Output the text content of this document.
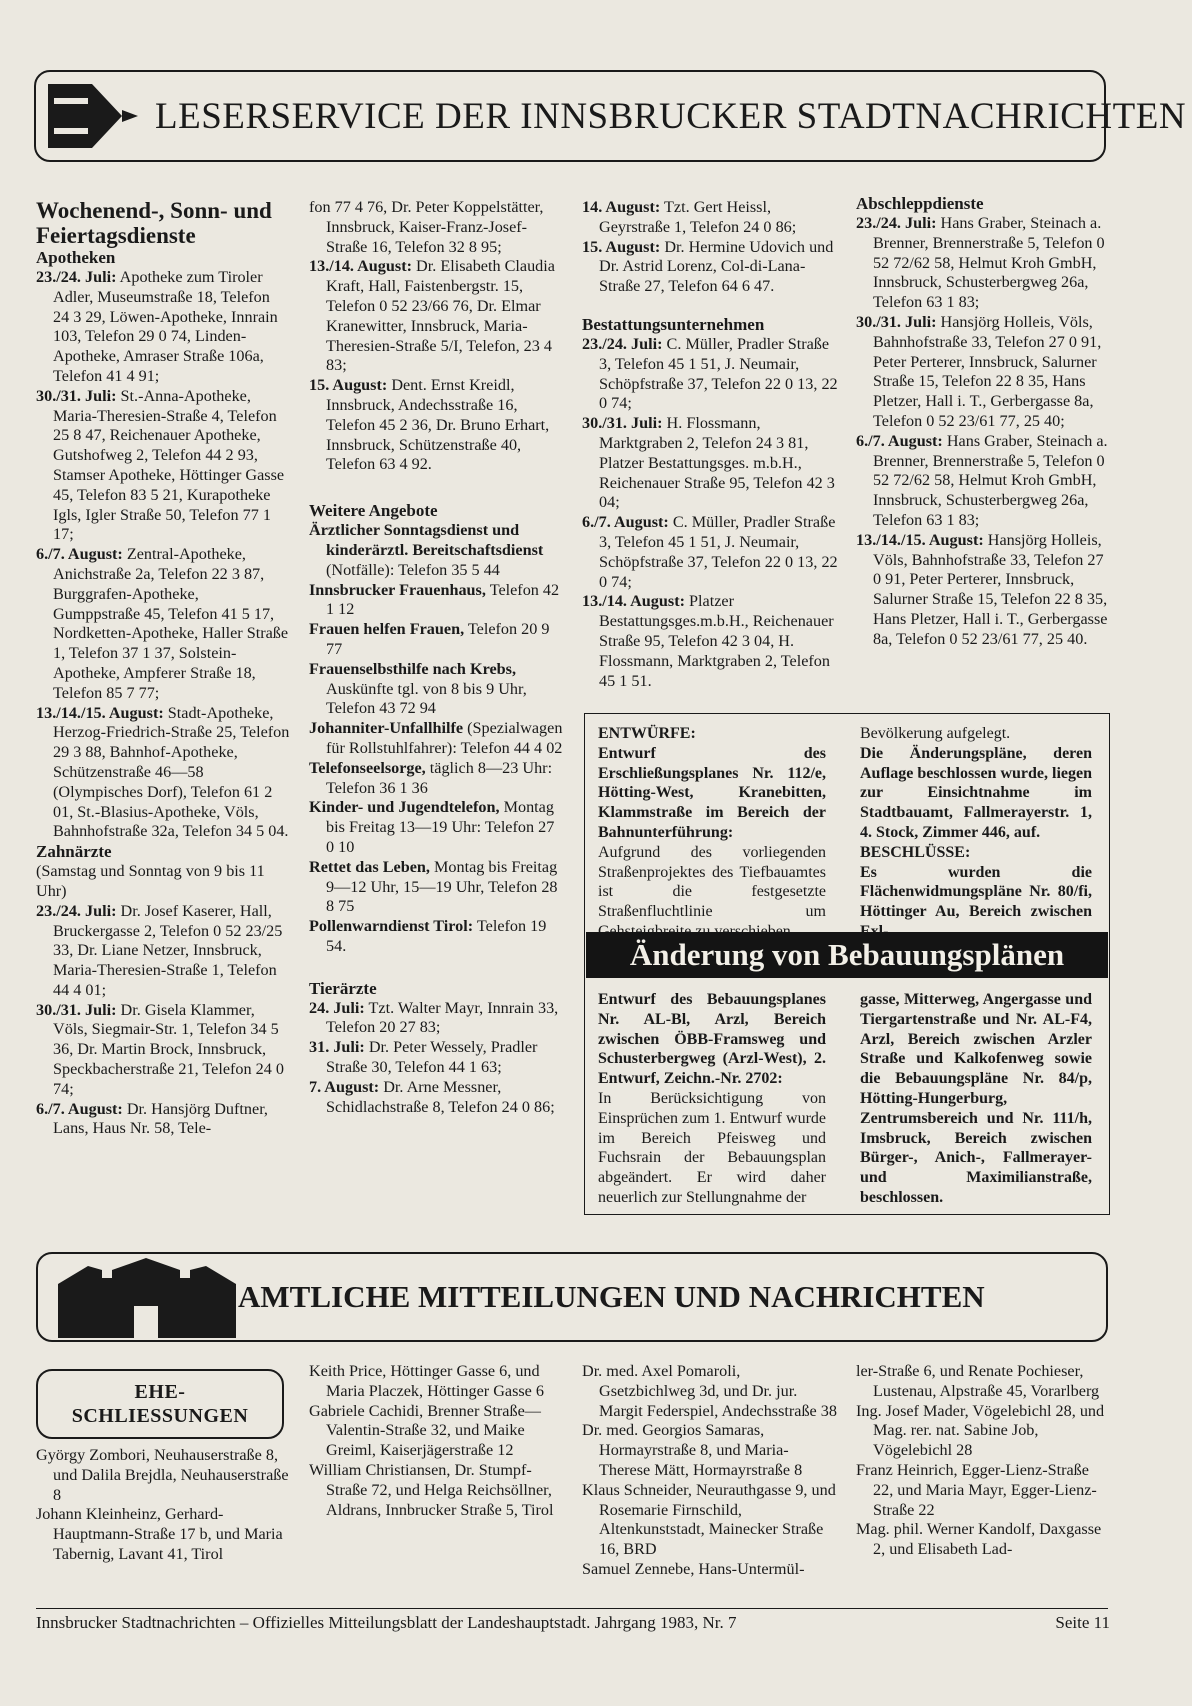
LESERSERVICE DER INNSBRUCKER STADTNACHRICHTEN

Wochenend-, Sonn- und Feiertagsdienste

Apotheken

23./24. Juli: Apotheke zum Tiroler Adler, Museumstraße 18, Telefon 24 3 29, Löwen-Apotheke, Innrain 103, Telefon 29 0 74, Linden-Apotheke, Amraser Straße 106a, Telefon 41 4 91;

30./31. Juli: St.-Anna-Apotheke, Maria-Theresien-Straße 4, Telefon 25 8 47, Reichenauer Apotheke, Gutshofweg 2, Telefon 44 2 93, Stamser Apotheke, Höttinger Gasse 45, Telefon 83 5 21, Kurapotheke Igls, Igler Straße 50, Telefon 77 1 17;

6./7. August: Zentral-Apotheke, Anichstraße 2a, Telefon 22 3 87, Burggrafen-Apotheke, Gumppstraße 45, Telefon 41 5 17, Nordketten-Apotheke, Haller Straße 1, Telefon 37 1 37, Solstein-Apotheke, Ampferer Straße 18, Telefon 85 7 77;

13./14./15. August: Stadt-Apotheke, Herzog-Friedrich-Straße 25, Telefon 29 3 88, Bahnhof-Apotheke, Schützenstraße 46—58 (Olympisches Dorf), Telefon 61 2 01, St.-Blasius-Apotheke, Völs, Bahnhofstraße 32a, Telefon 34 5 04.

Zahnärzte

(Samstag und Sonntag von 9 bis 11 Uhr)

23./24. Juli: Dr. Josef Kaserer, Hall, Bruckergasse 2, Telefon 0 52 23/25 33, Dr. Liane Netzer, Innsbruck, Maria-Theresien-Straße 1, Telefon 44 4 01;

30./31. Juli: Dr. Gisela Klammer, Völs, Siegmair-Str. 1, Telefon 34 5 36, Dr. Martin Brock, Innsbruck, Speckbacherstraße 21, Telefon 24 0 74;

6./7. August: Dr. Hansjörg Duftner, Lans, Haus Nr. 58, Tele-

fon 77 4 76, Dr. Peter Koppelstätter, Innsbruck, Kaiser-Franz-Josef-Straße 16, Telefon 32 8 95;

13./14. August: Dr. Elisabeth Claudia Kraft, Hall, Faistenbergstr. 15, Telefon 0 52 23/66 76, Dr. Elmar Kranewitter, Innsbruck, Maria-Theresien-Straße 5/I, Telefon, 23 4 83;

15. August: Dent. Ernst Kreidl, Innsbruck, Andechsstraße 16, Telefon 45 2 36, Dr. Bruno Erhart, Innsbruck, Schützenstraße 40, Telefon 63 4 92.

Weitere Angebote

Ärztlicher Sonntagsdienst und kinderärztl. Bereitschaftsdienst (Notfälle): Telefon 35 5 44

Innsbrucker Frauenhaus, Telefon 42 1 12

Frauen helfen Frauen, Telefon 20 9 77

Frauenselbsthilfe nach Krebs, Auskünfte tgl. von 8 bis 9 Uhr, Telefon 43 72 94

Johanniter-Unfallhilfe (Spezialwagen für Rollstuhlfahrer): Telefon 44 4 02

Telefonseelsorge, täglich 8—23 Uhr: Telefon 36 1 36

Kinder- und Jugendtelefon, Montag bis Freitag 13—19 Uhr: Telefon 27 0 10

Rettet das Leben, Montag bis Freitag 9—12 Uhr, 15—19 Uhr, Telefon 28 8 75

Pollenwarndienst Tirol: Telefon 19 54.

Tierärzte

24. Juli: Tzt. Walter Mayr, Innrain 33, Telefon 20 27 83;

31. Juli: Dr. Peter Wessely, Pradler Straße 30, Telefon 44 1 63;

7. August: Dr. Arne Messner, Schidlachstraße 8, Telefon 24 0 86;

14. August: Tzt. Gert Heissl, Geyrstraße 1, Telefon 24 0 86;

15. August: Dr. Hermine Udovich und Dr. Astrid Lorenz, Col-di-Lana-Straße 27, Telefon 64 6 47.

Bestattungsunternehmen

23./24. Juli: C. Müller, Pradler Straße 3, Telefon 45 1 51, J. Neumair, Schöpfstraße 37, Telefon 22 0 13, 22 0 74;

30./31. Juli: H. Flossmann, Marktgraben 2, Telefon 24 3 81, Platzer Bestattungsges. m.b.H., Reichenauer Straße 95, Telefon 42 3 04;

6./7. August: C. Müller, Pradler Straße 3, Telefon 45 1 51, J. Neumair, Schöpfstraße 37, Telefon 22 0 13, 22 0 74;

13./14. August: Platzer Bestattungsges.m.b.H., Reichenauer Straße 95, Telefon 42 3 04, H. Flossmann, Marktgraben 2, Telefon 45 1 51.

Abschleppdienste

23./24. Juli: Hans Graber, Steinach a. Brenner, Brennerstraße 5, Telefon 0 52 72/62 58, Helmut Kroh GmbH, Innsbruck, Schusterbergweg 26a, Telefon 63 1 83;

30./31. Juli: Hansjörg Holleis, Völs, Bahnhofstraße 33, Telefon 27 0 91, Peter Perterer, Innsbruck, Salurner Straße 15, Telefon 22 8 35, Hans Pletzer, Hall i. T., Gerbergasse 8a, Telefon 0 52 23/61 77, 25 40;

6./7. August: Hans Graber, Steinach a. Brenner, Brennerstraße 5, Telefon 0 52 72/62 58, Helmut Kroh GmbH, Innsbruck, Schusterbergweg 26a, Telefon 63 1 83;

13./14./15. August: Hansjörg Holleis, Völs, Bahnhofstraße 33, Telefon 27 0 91, Peter Perterer, Innsbruck, Salurner Straße 15, Telefon 22 8 35, Hans Pletzer, Hall i. T., Gerbergasse 8a, Telefon 0 52 23/61 77, 25 40.

ENTWÜRFE:
Entwurf des Erschließungsplanes Nr. 112/e, Hötting-West, Kranebitten, Klammstraße im Bereich der Bahnunterführung:
Aufgrund des vorliegenden Straßenprojektes des Tiefbauamtes ist die festgesetzte Straßenfluchtlinie um
Bevölkerung aufgelegt.
Die Änderungspläne, deren Auflage beschlossen wurde, liegen zur Einsichtnahme im Stadtbauamt, Fallmerayerstr. 1, 4. Stock, Zimmer 446, auf.
BESCHLÜSSE:
Es wurden die Flächenwidmungspläne Nr. 80/fi, Höttinger Au, Bereich zwischen
Änderung von Bebauungsplänen
Entwurf des Bebauungsplanes Nr. AL-Bl, Arzl, Bereich zwischen ÖBB-Framsweg und Schusterbergweg (Arzl-West), 2. Entwurf, Zeichn.-Nr. 2702:
In Berücksichtigung von Einsprüchen zum 1. Entwurf wurde im Bereich Pfeisweg und Fuchsrain der Bebauungsplan abgeändert. Er wird daher neuerlich zur Stellungnahme der
gasse, Mitterweg, Angergasse und Tiergartenstraße und Nr. AL-F4, Arzl, Bereich zwischen Arzler Straße und Kalkofenweg sowie die Bebauungspläne Nr. 84/p, Hötting-Hungerburg, Zentrumsbereich und Nr. 111/h, Imsbruck, Bereich zwischen Bürger-, Anich-, Fallmerayer- und Maximilianstraße, beschlossen.
AMTLICHE MITTEILUNGEN UND NACHRICHTEN
EHE-
SCHLIESSUNGEN

György Zombori, Neuhauserstraße 8, und Dalila Brejdla, Neuhauserstraße 8

Johann Kleinheinz, Gerhard-Hauptmann-Straße 17 b, und Maria Tabernig, Lavant 41, Tirol

Keith Price, Höttinger Gasse 6, und Maria Placzek, Höttinger Gasse 6

Gabriele Cachidi, Brenner Straße—Valentin-Straße 32, und Maike Greiml, Kaiserjägerstraße 12

William Christiansen, Dr. Stumpf-Straße 72, und Helga Reichsöllner, Aldrans, Innbrucker Straße 5, Tirol

Dr. med. Axel Pomaroli, Gsetzbichlweg 3d, und Dr. jur. Margit Federspiel, Andechsstraße 38

Dr. med. Georgios Samaras, Hormayrstraße 8, und Maria-Therese Mätt, Hormayrstraße 8

Klaus Schneider, Neurauthgasse 9, und Rosemarie Firnschild, Altenkunststadt, Mainecker Straße 16, BRD

Samuel Zennebe, Hans-Untermül-

ler-Straße 6, und Renate Pochieser, Lustenau, Alpstraße 45, Vorarlberg

Ing. Josef Mader, Vögelebichl 28, und Mag. rer. nat. Sabine Job, Vögelebichl 28

Franz Heinrich, Egger-Lienz-Straße 22, und Maria Mayr, Egger-Lienz-Straße 22

Mag. phil. Werner Kandolf, Daxgasse 2, und Elisabeth Lad-

Innsbrucker Stadtnachrichten – Offizielles Mitteilungsblatt der Landeshauptstadt. Jahrgang 1983, Nr. 7	Seite 11
